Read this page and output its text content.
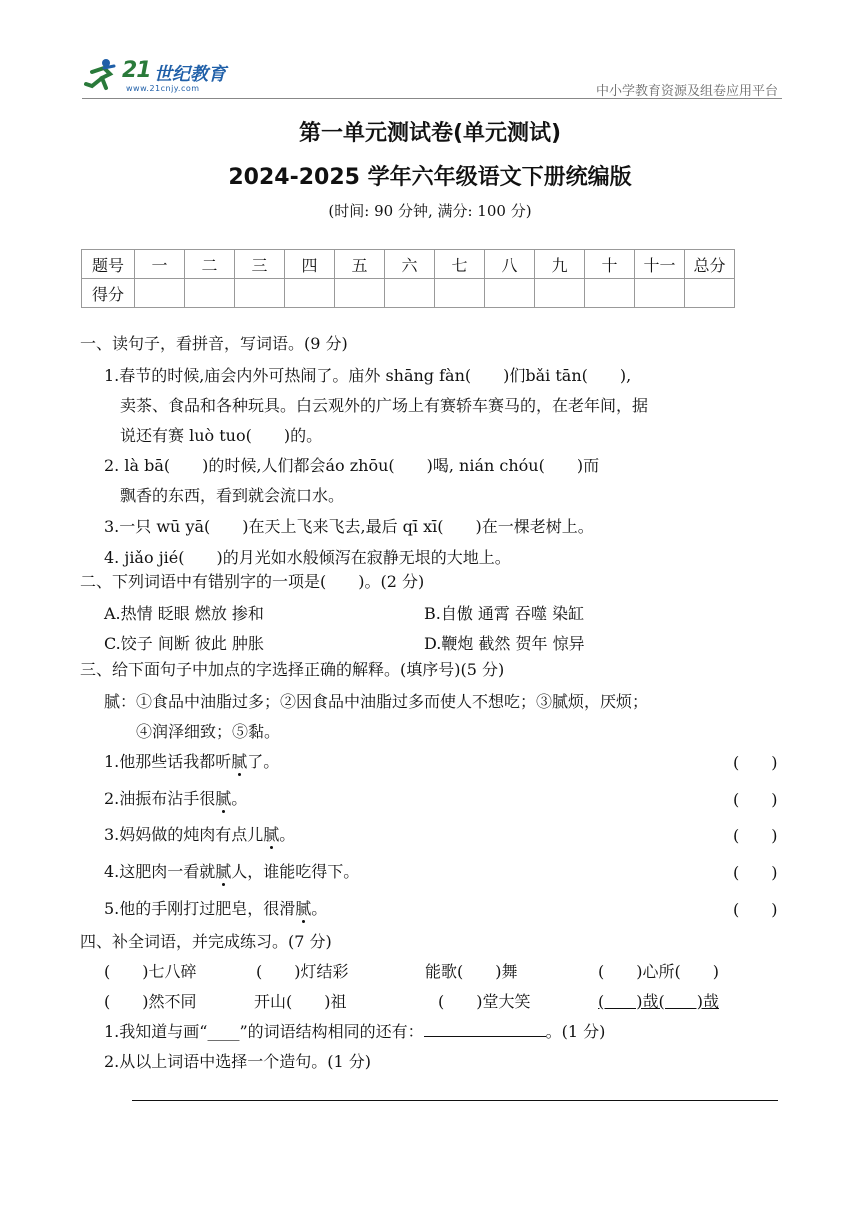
21 世纪教育
www.21cnjy.com	中小学教育资源及组卷应用平台
第一单元测试卷(单元测试)
2024-2025 学年六年级语文下册统编版
(时间: 90 分钟, 满分: 100 分)
题号	一	二	三	四	五	六	七	八	九	十	十一	总分
得分												
一、读句子，看拼音，写词语。(9 分)
1.春节的时候,庙会内外可热闹了。庙外 shāng fàn(　　)们bǎi tān(　　),
卖茶、食品和各种玩具。白云观外的广场上有赛轿车赛马的，在老年间，据
说还有赛 luò tuo(　　)的。
2. là bā(　　)的时候,人们都会áo zhōu(　　)喝, nián chóu(　　)而
飘香的东西，看到就会流口水。
3.一只 wū yā(　　)在天上飞来飞去,最后 qī xī(　　)在一棵老树上。
4. jiǎo jié(　　)的月光如水般倾泻在寂静无垠的大地上。
二、下列词语中有错别字的一项是(　　)。(2 分)
A.热情 眨眼 燃放 掺和	B.自傲 通霄 吞噬 染缸
C.饺子 间断 彼此 肿胀	D.鞭炮 截然 贺年 惊异
三、给下面句子中加点的字选择正确的解释。(填序号)(5 分)
腻：①食品中油脂过多；②因食品中油脂过多而使人不想吃；③腻烦，厌烦；
④润泽细致；⑤黏。
1.他那些话我都听腻了。	(　　)
2.油振布沾手很腻。	(　　)
3.妈妈做的炖肉有点儿腻。	(　　)
4.这肥肉一看就腻人，谁能吃得下。	(　　)
5.他的手刚打过肥皂，很滑腻。	(　　)
四、补全词语，并完成练习。(7 分)
(　　)七八碎	(　　)灯结彩	能歌(　　)舞	(　　)心所(　　)
(　　)然不同	开山(　　)祖	(　　)堂大笑	(　　)哉(　　)哉
1.我知道与画“____”的词语结构相同的还有：	。(1 分)
2.从以上词语中选择一个造句。(1 分)
